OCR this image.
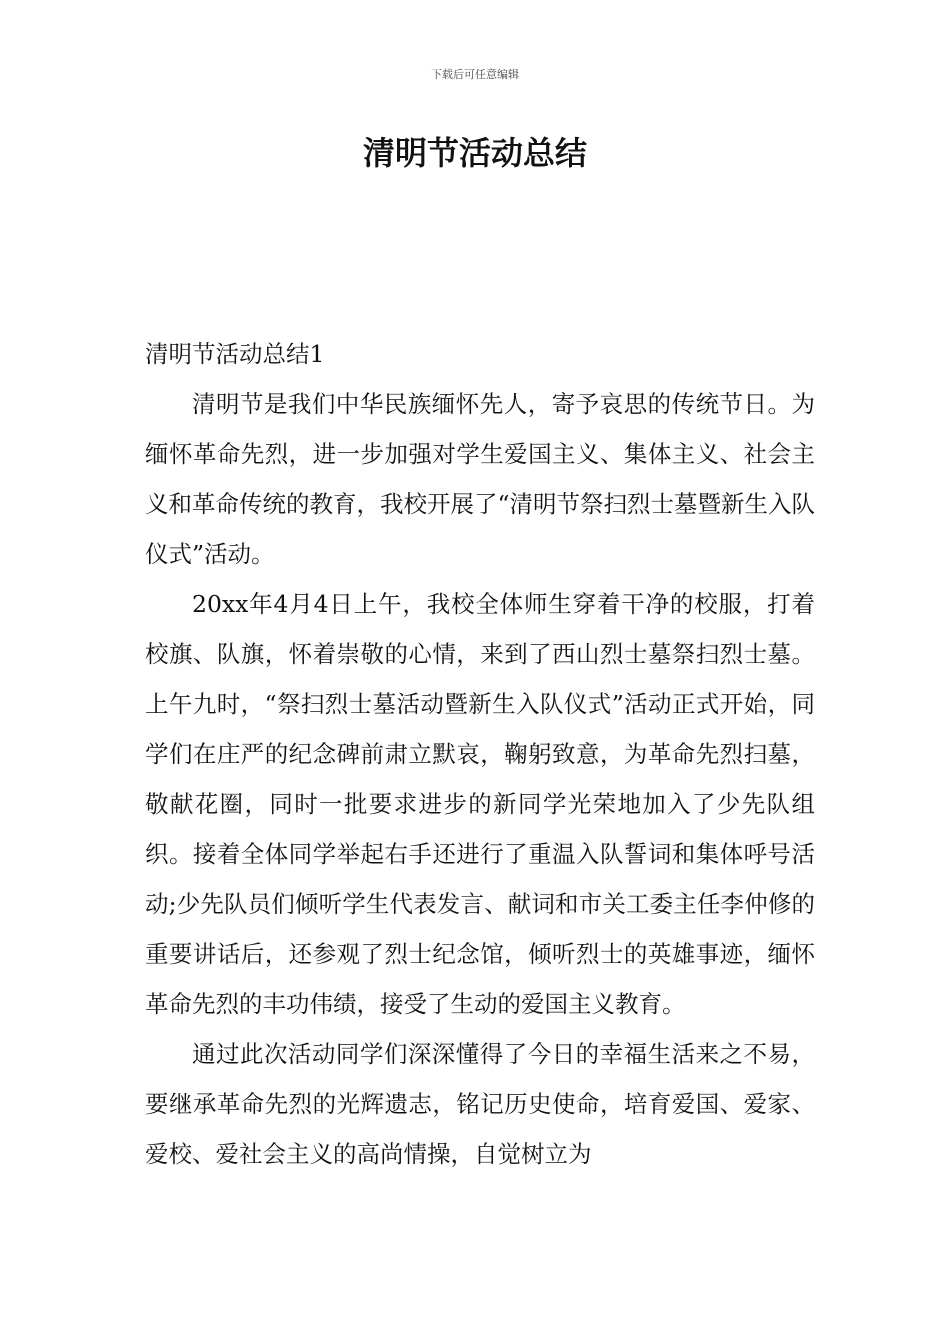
下载后可任意编辑
清明节活动总结

清明节活动总结1

清明节是我们中华民族缅怀先人，寄予哀思的传统节日。为缅怀革命先烈，进一步加强对学生爱国主义、集体主义、社会主义和革命传统的教育，我校开展了“清明节祭扫烈士墓暨新生入队仪式”活动。

20xx年4月4日上午，我校全体师生穿着干净的校服，打着校旗、队旗，怀着崇敬的心情，来到了西山烈士墓祭扫烈士墓。上午九时，“祭扫烈士墓活动暨新生入队仪式”活动正式开始，同学们在庄严的纪念碑前肃立默哀，鞠躬致意，为革命先烈扫墓，敬献花圈，同时一批要求进步的新同学光荣地加入了少先队组织。接着全体同学举起右手还进行了重温入队誓词和集体呼号活动;少先队员们倾听学生代表发言、献词和市关工委主任李仲修的重要讲话后，还参观了烈士纪念馆，倾听烈士的英雄事迹，缅怀革命先烈的丰功伟绩，接受了生动的爱国主义教育。

通过此次活动同学们深深懂得了今日的幸福生活来之不易，要继承革命先烈的光辉遗志，铭记历史使命，培育爱国、爱家、爱校、爱社会主义的高尚情操，自觉树立为
